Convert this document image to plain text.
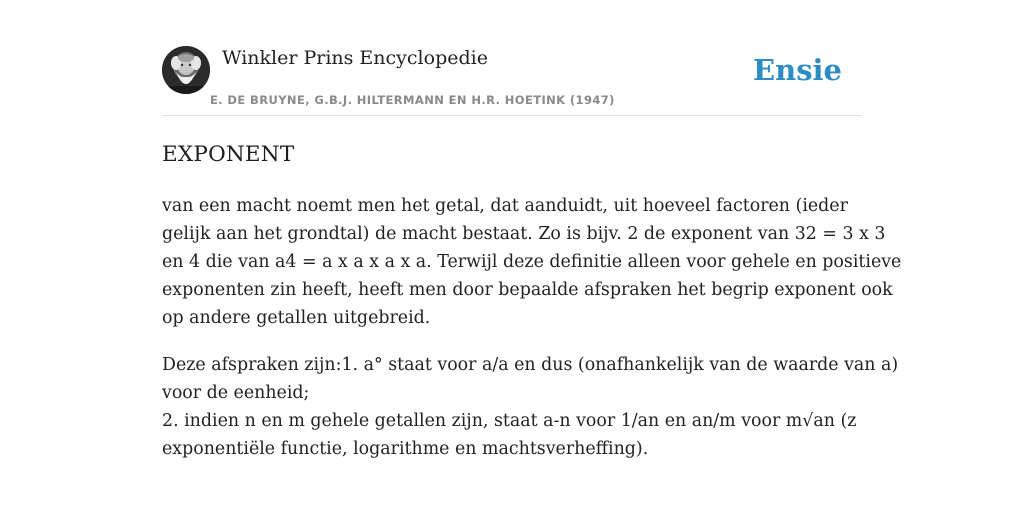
Winkler Prins Encyclopedie
E. DE BRUYNE, G.B.J. HILTERMANN EN H.R. HOETINK (1947)
Ensie
EXPONENT

van een macht noemt men het getal, dat aanduidt, uit hoeveel factoren (ieder
gelijk aan het grondtal) de macht bestaat. Zo is bijv. 2 de exponent van 32 = 3 x 3
en 4 die van a4 = a x a x a x a. Terwijl deze definitie alleen voor gehele en positieve
exponenten zin heeft, heeft men door bepaalde afspraken het begrip exponent ook
op andere getallen uitgebreid.

Deze afspraken zijn:1. a° staat voor a/a en dus (onafhankelijk van de waarde van a)
voor de eenheid;
2. indien n en m gehele getallen zijn, staat a-n voor 1/an en an/m voor m√an (z
exponentiële functie, logarithme en machtsverheffing).
